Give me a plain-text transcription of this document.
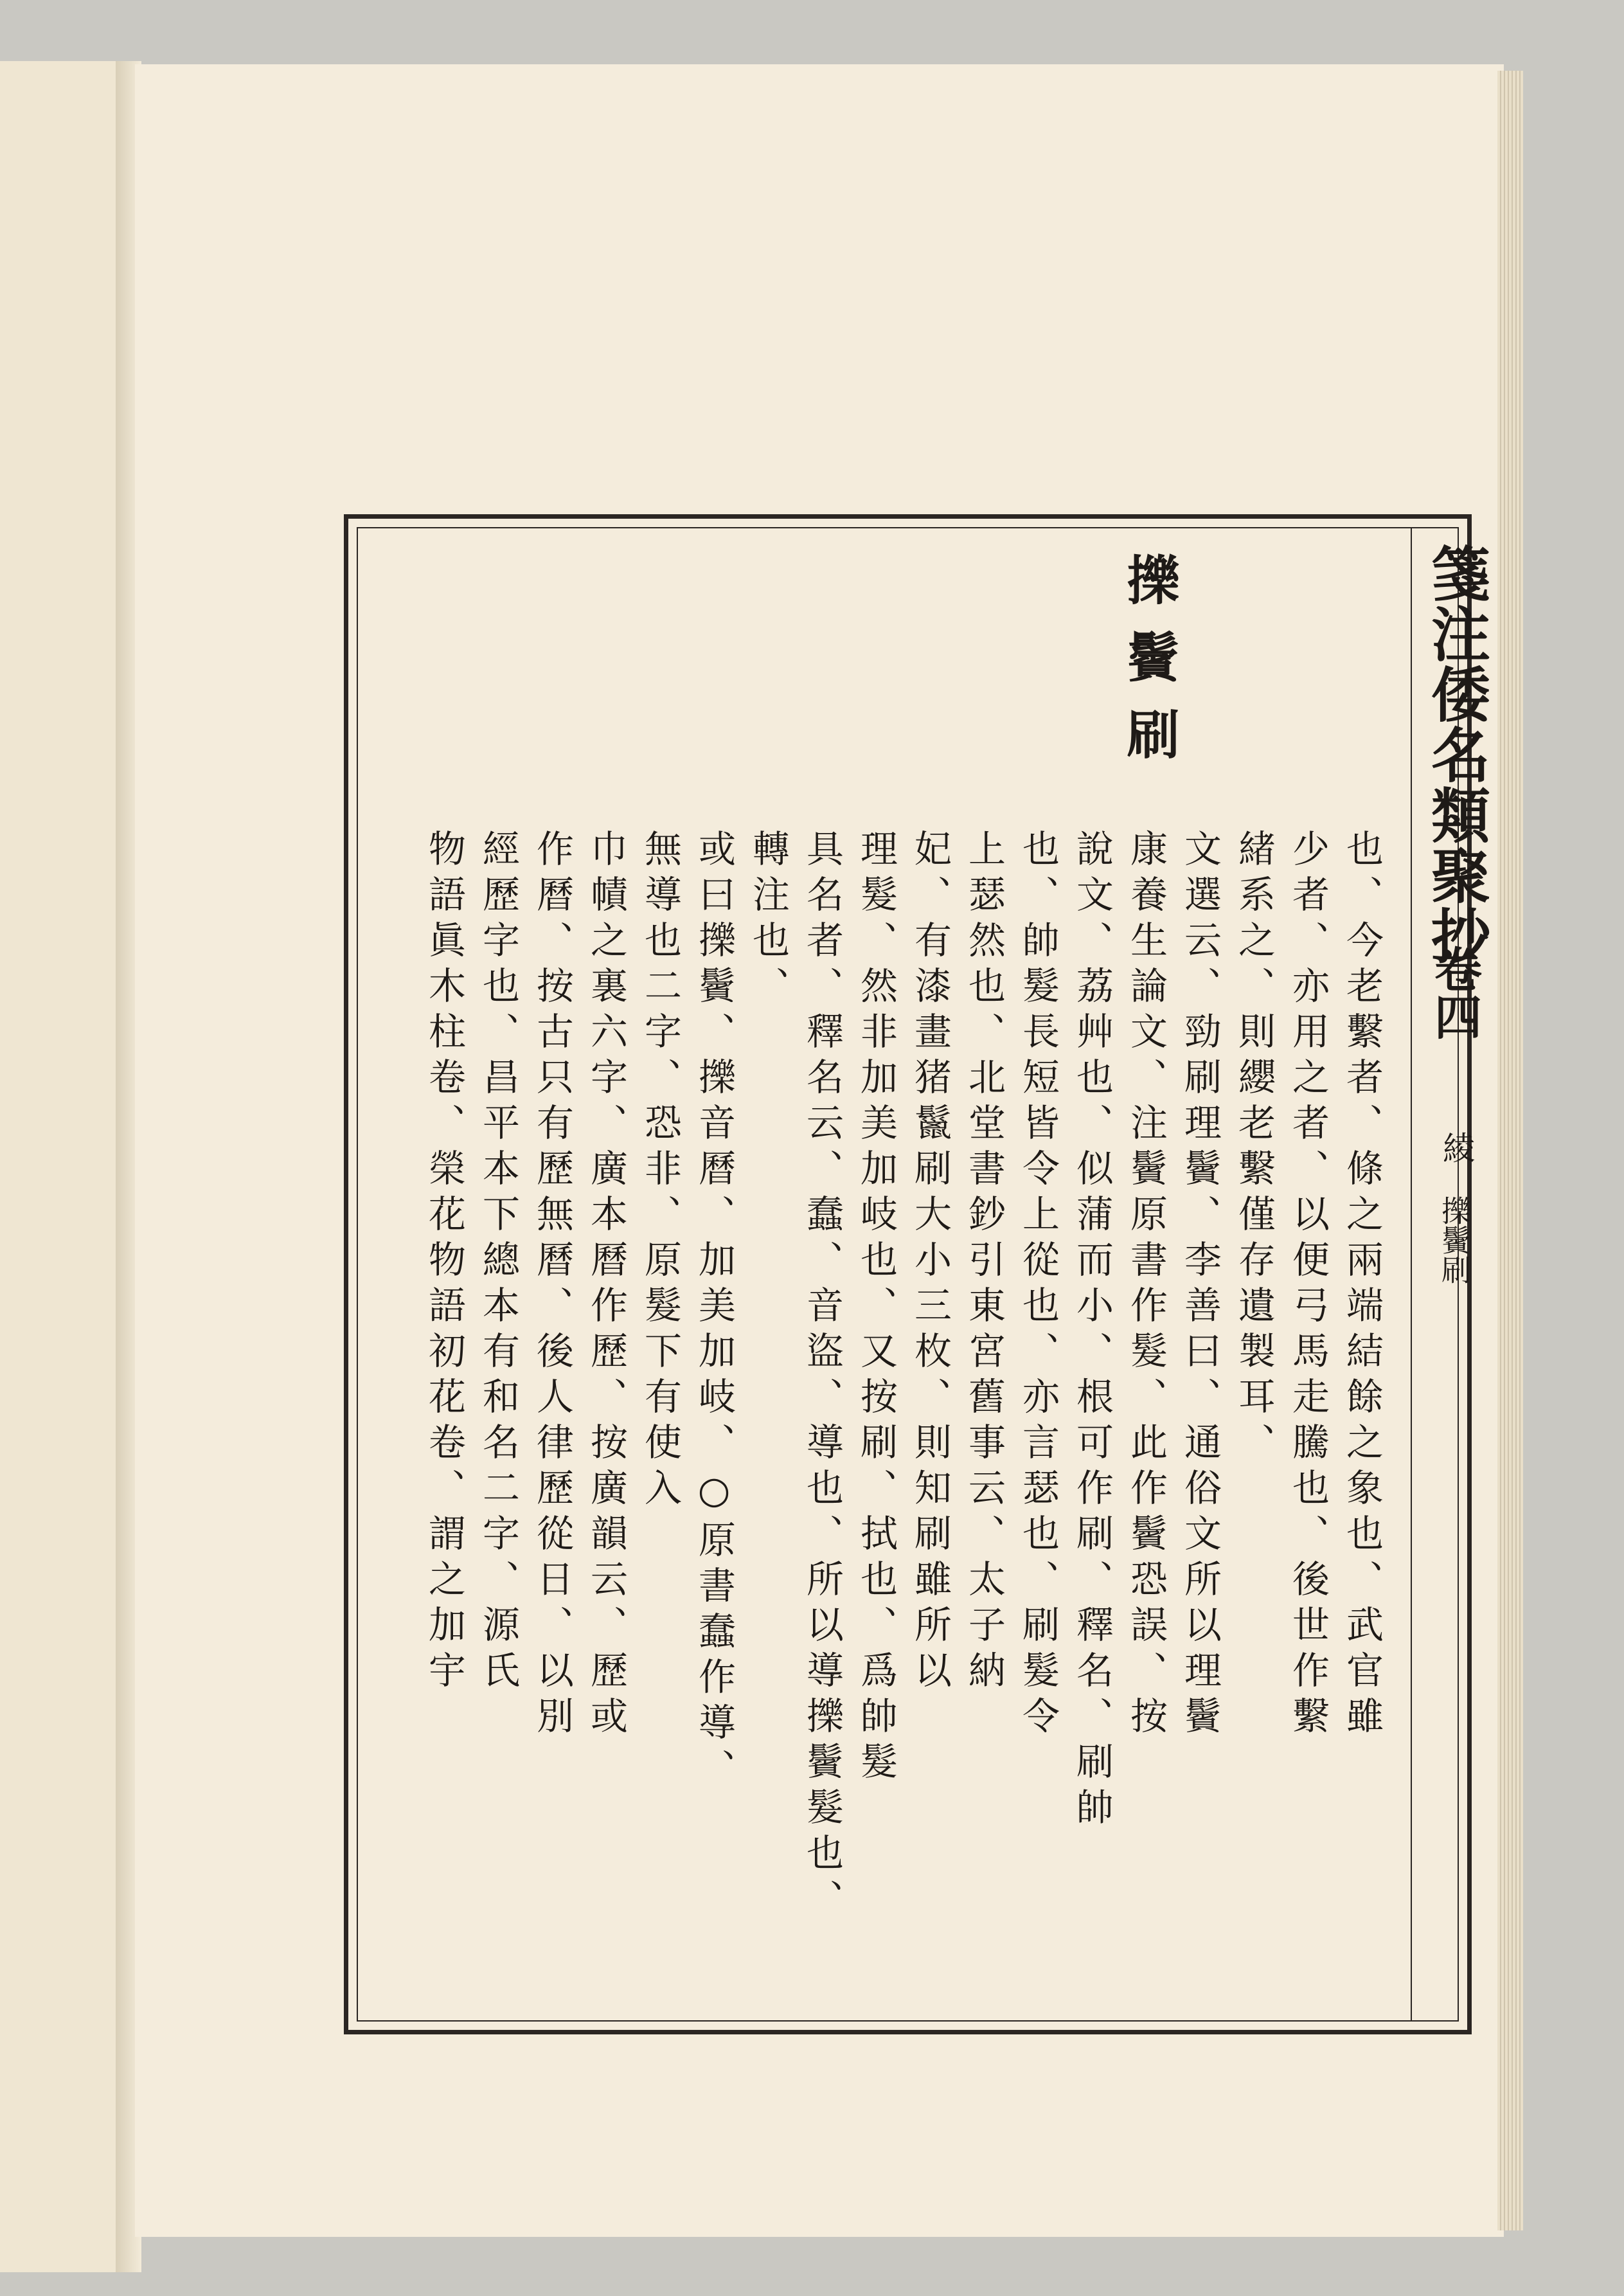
箋注倭名類聚抄
卷四
綾
擽鬢刷
擽鬢刷
也、今老繫者、條之兩端結餘之象也、武官雖
少者、亦用之者、以便弓馬走騰也、後世作繫
緒系之、則纓老繫僅存遺製耳、
文選云、勁刷理鬢、李善曰、通俗文所以理鬢
康養生論文、注鬢原書作髮、此作鬢恐誤、按
說文、荔艸也、似蒲而小、根可作刷、釋名、刷帥
也、帥髮長短皆令上從也、亦言瑟也、刷髮令
上瑟然也、北堂書鈔引東宮舊事云、太子納
妃、有漆畫猪鬣刷大小三枚、則知刷雖所以
理髮、然非加美加岐也、又按刷、拭也、爲帥髮
具名者、釋名云、蠢、音盜、導也、所以導擽鬢髮也、
轉注也、
或曰擽鬢、擽音曆、加美加岐、○原書蠢作導、
無導也二字、恐非、原髮下有使入
巾幘之裏六字、廣本曆作歷、按廣韻云、歷或
作曆、按古只有歷無曆、後人律歷從日、以別
經歷字也、昌平本下總本有和名二字、源氏
物語眞木柱卷、榮花物語初花卷、謂之加宇
